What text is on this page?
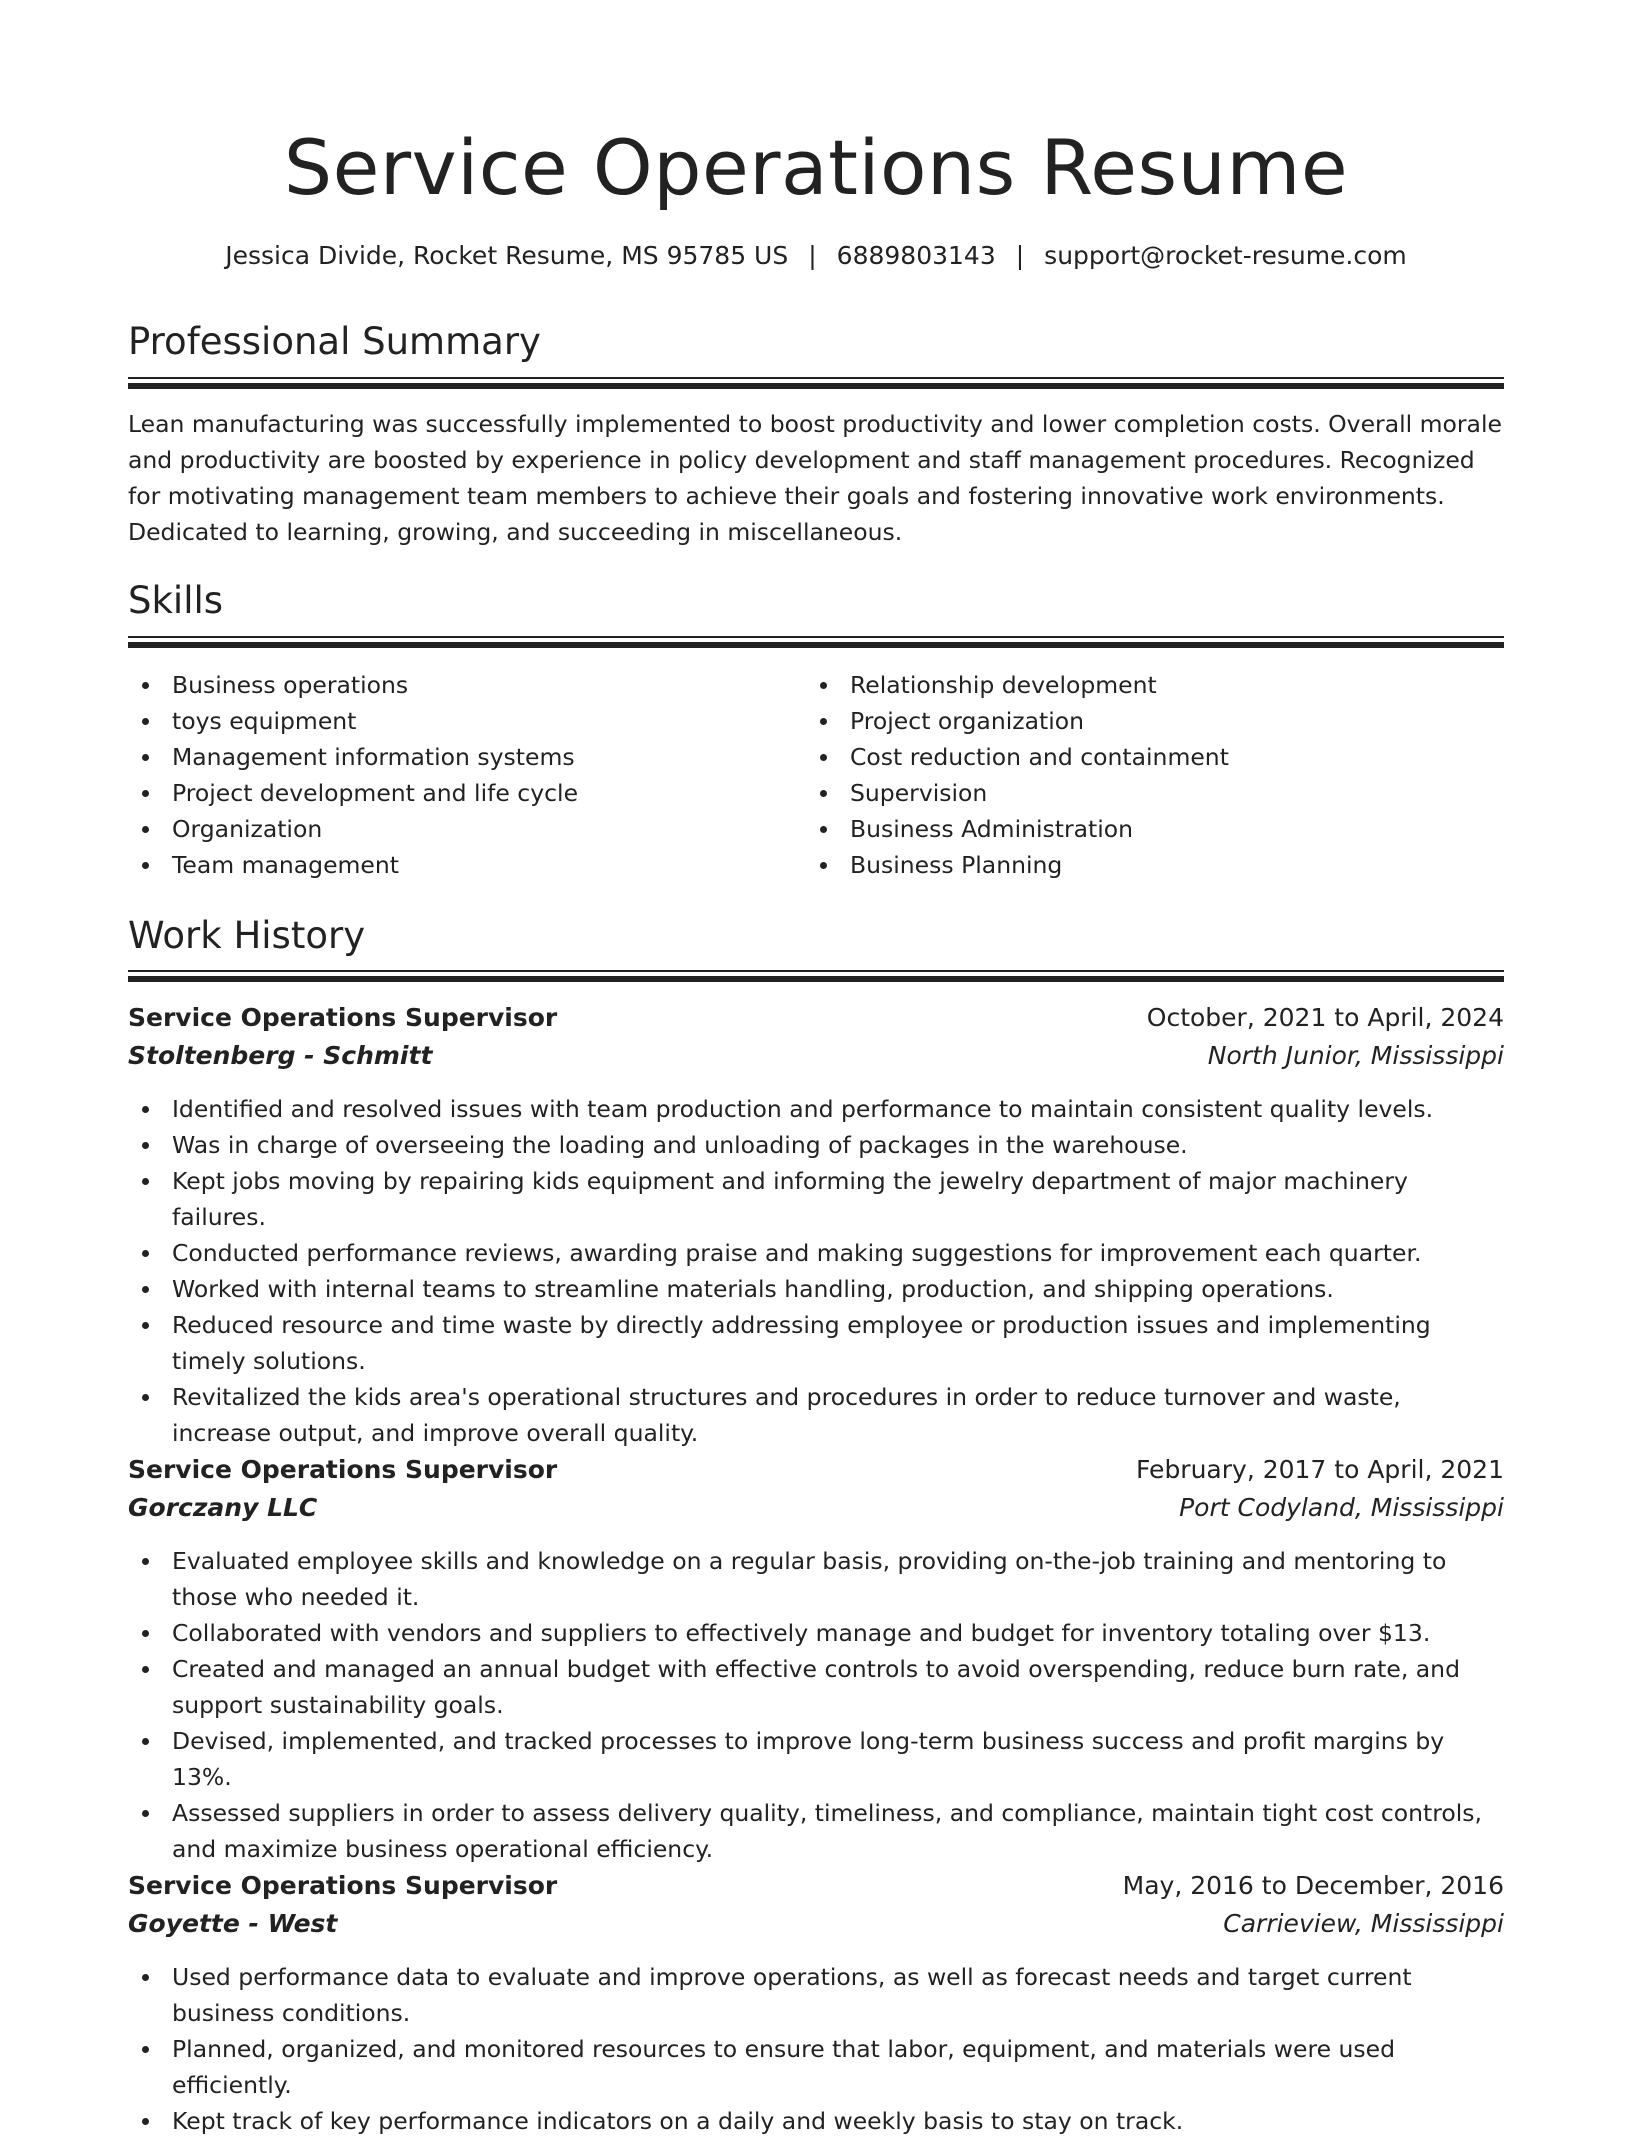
Service Operations Resume
Jessica Divide, Rocket Resume, MS 95785 US | 6889803143 | support@rocket-resume.com
Professional Summary

Lean manufacturing was successfully implemented to boost productivity and lower completion costs. Overall morale and productivity are boosted by experience in policy development and staff management procedures. Recognized for motivating management team members to achieve their goals and fostering innovative work environments. Dedicated to learning, growing, and succeeding in miscellaneous.

Skills
Business operations
toys equipment
Management information systems
Project development and life cycle
Organization
Team management
Relationship development
Project organization
Cost reduction and containment
Supervision
Business Administration
Business Planning
Work History
Service Operations Supervisor	October, 2021 to April, 2024
Stoltenberg - Schmitt	North Junior, Mississippi
Identified and resolved issues with team production and performance to maintain consistent quality levels.
Was in charge of overseeing the loading and unloading of packages in the warehouse.
Kept jobs moving by repairing kids equipment and informing the jewelry department of major machinery failures.
Conducted performance reviews, awarding praise and making suggestions for improvement each quarter.
Worked with internal teams to streamline materials handling, production, and shipping operations.
Reduced resource and time waste by directly addressing employee or production issues and implementing timely solutions.
Revitalized the kids area's operational structures and procedures in order to reduce turnover and waste, increase output, and improve overall quality.
Service Operations Supervisor	February, 2017 to April, 2021
Gorczany LLC	Port Codyland, Mississippi
Evaluated employee skills and knowledge on a regular basis, providing on-the-job training and mentoring to those who needed it.
Collaborated with vendors and suppliers to effectively manage and budget for inventory totaling over $13.
Created and managed an annual budget with effective controls to avoid overspending, reduce burn rate, and support sustainability goals.
Devised, implemented, and tracked processes to improve long-term business success and profit margins by 13%.
Assessed suppliers in order to assess delivery quality, timeliness, and compliance, maintain tight cost controls, and maximize business operational efficiency.
Service Operations Supervisor	May, 2016 to December, 2016
Goyette - West	Carrieview, Mississippi
Used performance data to evaluate and improve operations, as well as forecast needs and target current business conditions.
Planned, organized, and monitored resources to ensure that labor, equipment, and materials were used efficiently.
Kept track of key performance indicators on a daily and weekly basis to stay on track.
